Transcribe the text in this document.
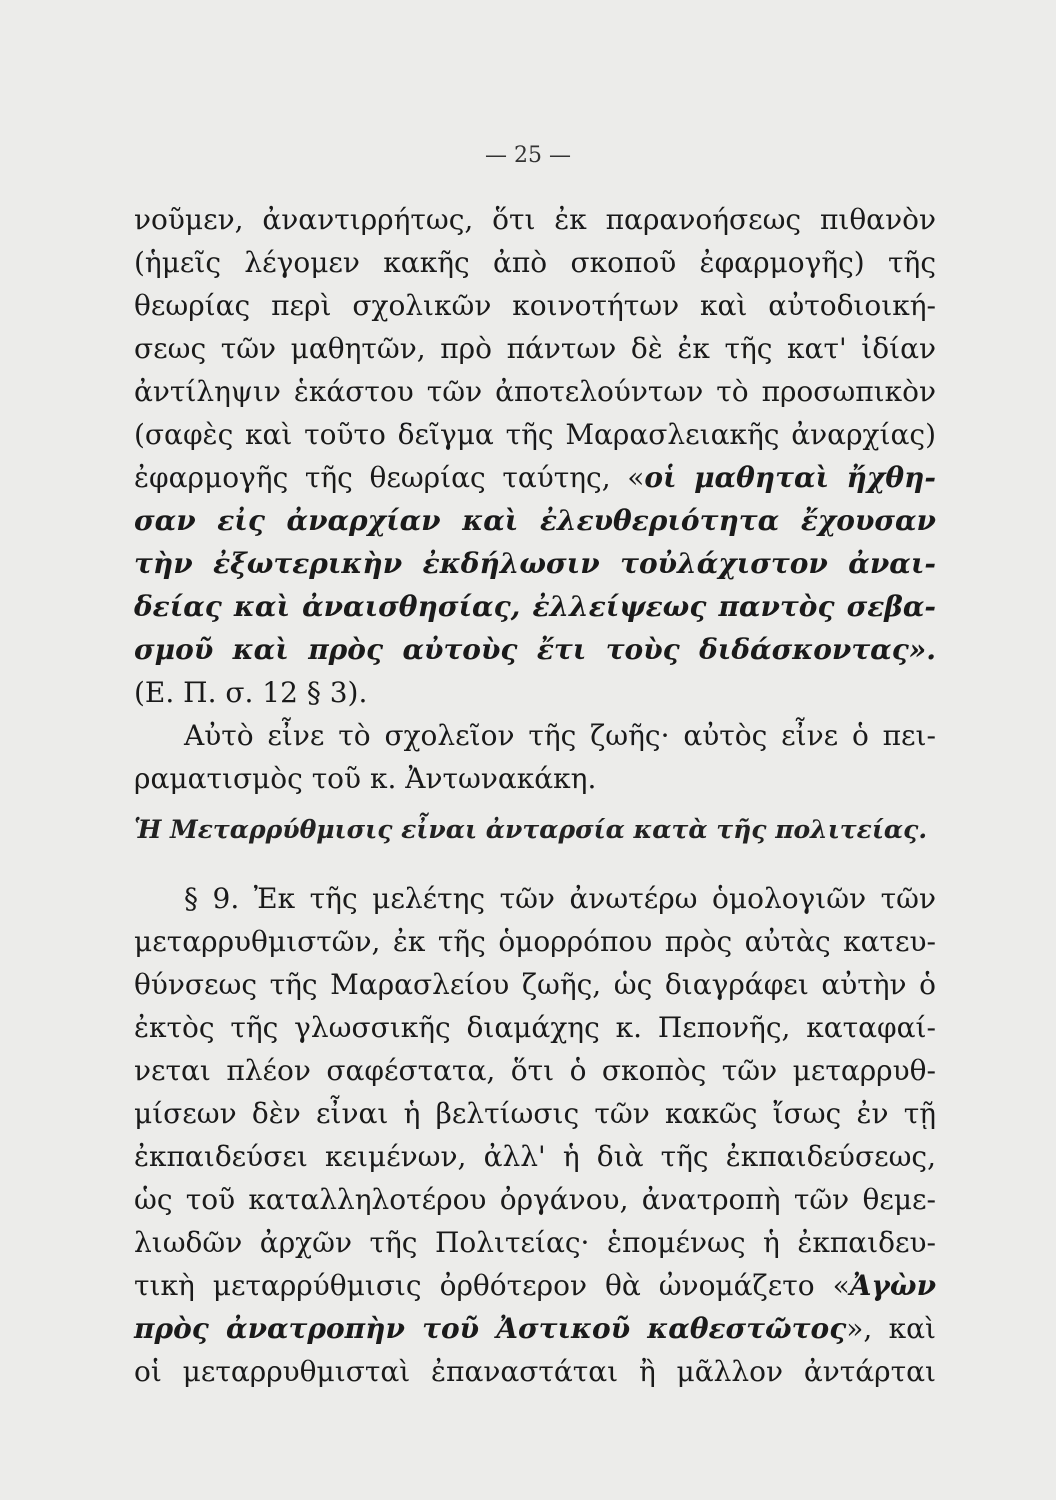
— 25 —
νοῦμεν, ἀναντιρρήτως, ὅτι ἐκ παρανοήσεως πιθανὸν
(ἡμεῖς λέγομεν κακῆς ἀπὸ σκοποῦ ἐφαρμογῆς) τῆς
θεωρίας περὶ σχολικῶν κοινοτήτων καὶ αὐτοδιοική-
σεως τῶν μαθητῶν, πρὸ πάντων δὲ ἐκ τῆς κατ' ἰδίαν
ἀντίληψιν ἑκάστου τῶν ἀποτελούντων τὸ προσωπικὸν
(σαφὲς καὶ τοῦτο δεῖγμα τῆς Μαρασλειακῆς ἀναρχίας)
ἐφαρμογῆς τῆς θεωρίας ταύτης, «οἱ μαθηταὶ ἤχθη-
σαν εἰς ἀναρχίαν καὶ ἐλευθεριότητα ἔχουσαν
τὴν ἐξωτερικὴν ἐκδήλωσιν τοὐλάχιστον ἀναι-
δείας καὶ ἀναισθησίας, ἐλλείψεως παντὸς σεβα-
σμοῦ καὶ πρὸς αὐτοὺς ἔτι τοὺς διδάσκοντας».
(Ε. Π. σ. 12 § 3).
Αὐτὸ εἶνε τὸ σχολεῖον τῆς ζωῆς· αὐτὸς εἶνε ὁ πει-
ραματισμὸς τοῦ κ. Ἀντωνακάκη.
§ 9. Ἐκ τῆς μελέτης τῶν ἀνωτέρω ὁμολογιῶν τῶν
μεταρρυθμιστῶν, ἐκ τῆς ὁμορρόπου πρὸς αὐτὰς κατευ-
θύνσεως τῆς Μαρασλείου ζωῆς, ὡς διαγράφει αὐτὴν ὁ
ἐκτὸς τῆς γλωσσικῆς διαμάχης κ. Πεπονῆς, καταφαί-
νεται πλέον σαφέστατα, ὅτι ὁ σκοπὸς τῶν μεταρρυθ-
μίσεων δὲν εἶναι ἡ βελτίωσις τῶν κακῶς ἴσως ἐν τῇ
ἐκπαιδεύσει κειμένων, ἀλλ' ἡ διὰ τῆς ἐκπαιδεύσεως,
ὡς τοῦ καταλληλοτέρου ὀργάνου, ἀνατροπὴ τῶν θεμε-
λιωδῶν ἀρχῶν τῆς Πολιτείας· ἑπομένως ἡ ἐκπαιδευ-
τικὴ μεταρρύθμισις ὀρθότερον θὰ ὠνομάζετο «Ἀγὼν
πρὸς ἀνατροπὴν τοῦ Ἀστικοῦ καθεστῶτος», καὶ
οἱ μεταρρυθμισταὶ ἐπαναστάται ἢ μᾶλλον ἀντάρται
Ἡ Μεταρρύθμισις εἶναι ἀνταρσία κατὰ τῆς πολιτείας.
